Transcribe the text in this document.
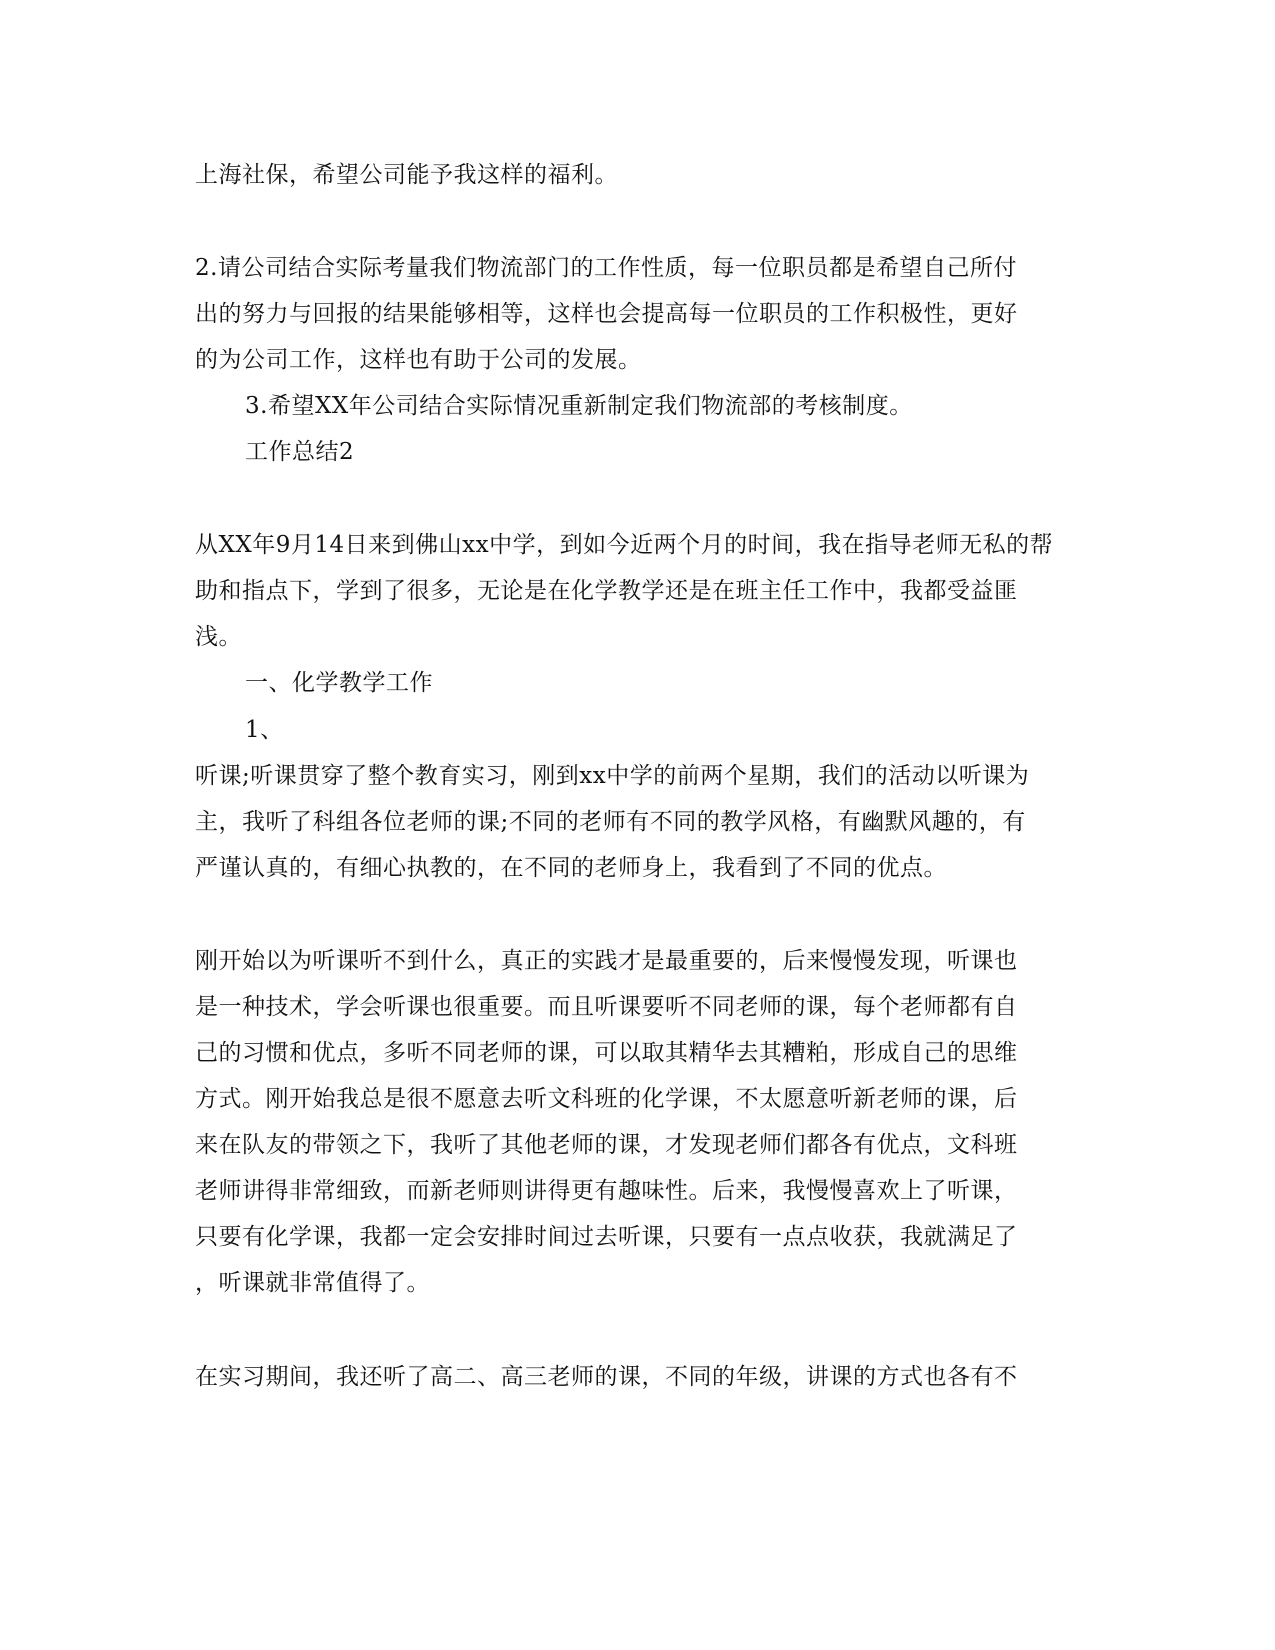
上海社保，希望公司能予我这样的福利。
2.请公司结合实际考量我们物流部门的工作性质，每一位职员都是希望自己所付
出的努力与回报的结果能够相等，这样也会提高每一位职员的工作积极性，更好
的为公司工作，这样也有助于公司的发展。
3.希望XX年公司结合实际情况重新制定我们物流部的考核制度。
工作总结2
从XX年9月14日来到佛山xx中学，到如今近两个月的时间，我在指导老师无私的帮
助和指点下，学到了很多，无论是在化学教学还是在班主任工作中，我都受益匪
浅。
一、化学教学工作
1、
听课;听课贯穿了整个教育实习，刚到xx中学的前两个星期，我们的活动以听课为
主，我听了科组各位老师的课;不同的老师有不同的教学风格，有幽默风趣的，有
严谨认真的，有细心执教的，在不同的老师身上，我看到了不同的优点。
刚开始以为听课听不到什么，真正的实践才是最重要的，后来慢慢发现，听课也
是一种技术，学会听课也很重要。而且听课要听不同老师的课，每个老师都有自
己的习惯和优点，多听不同老师的课，可以取其精华去其糟粕，形成自己的思维
方式。刚开始我总是很不愿意去听文科班的化学课，不太愿意听新老师的课，后
来在队友的带领之下，我听了其他老师的课，才发现老师们都各有优点，文科班
老师讲得非常细致，而新老师则讲得更有趣味性。后来，我慢慢喜欢上了听课，
只要有化学课，我都一定会安排时间过去听课，只要有一点点收获，我就满足了
，听课就非常值得了。
在实习期间，我还听了高二、高三老师的课，不同的年级，讲课的方式也各有不
